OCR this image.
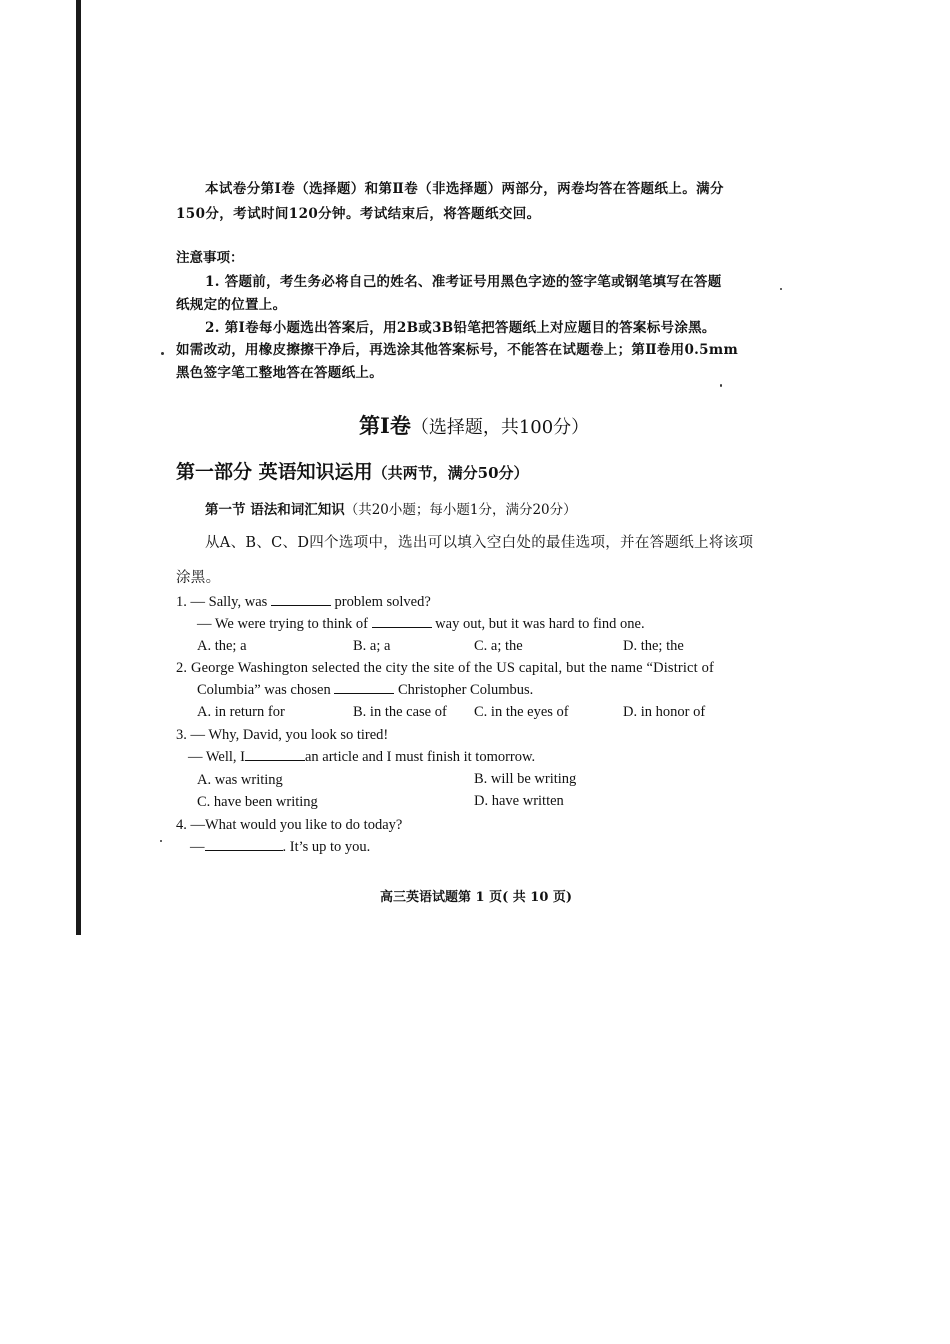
本试卷分第Ⅰ卷（选择题）和第Ⅱ卷（非选择题）两部分，两卷均答在答题纸上。满分
150分，考试时间120分钟。考试结束后，将答题纸交回。
注意事项：
1. 答题前，考生务必将自己的姓名、准考证号用黑色字迹的签字笔或钢笔填写在答题
纸规定的位置上。
2. 第Ⅰ卷每小题选出答案后，用2B或3B铅笔把答题纸上对应题目的答案标号涂黑。
如需改动，用橡皮擦擦干净后，再选涂其他答案标号，不能答在试题卷上；第Ⅱ卷用0.5mm
黑色签字笔工整地答在答题纸上。
第Ⅰ卷（选择题，共100分）
第一部分 英语知识运用（共两节，满分50分）
第一节 语法和词汇知识（共20小题；每小题1分，满分20分）
从A、B、C、D四个选项中，选出可以填入空白处的最佳选项，并在答题纸上将该项
涂黑。
1. — Sally, was	problem solved?
— We were trying to think of	way out, but it was hard to find one.
A. the; a	B. a; a	C. a; the	D. the; the
2. George Washington selected the city the site of the US capital, but the name “District of
Columbia” was chosen	Christopher Columbus.
A. in return for	B. in the case of C. in the eyes of	D. in honor of
3. — Why, David, you look so tired!
— Well, I	an article and I must finish it tomorrow.
A. was writing	B. will be writing
C. have been writing	D. have written
4. —What would you like to do today?
—	. It’s up to you.
高三英语试题第 1 页( 共 10 页)
